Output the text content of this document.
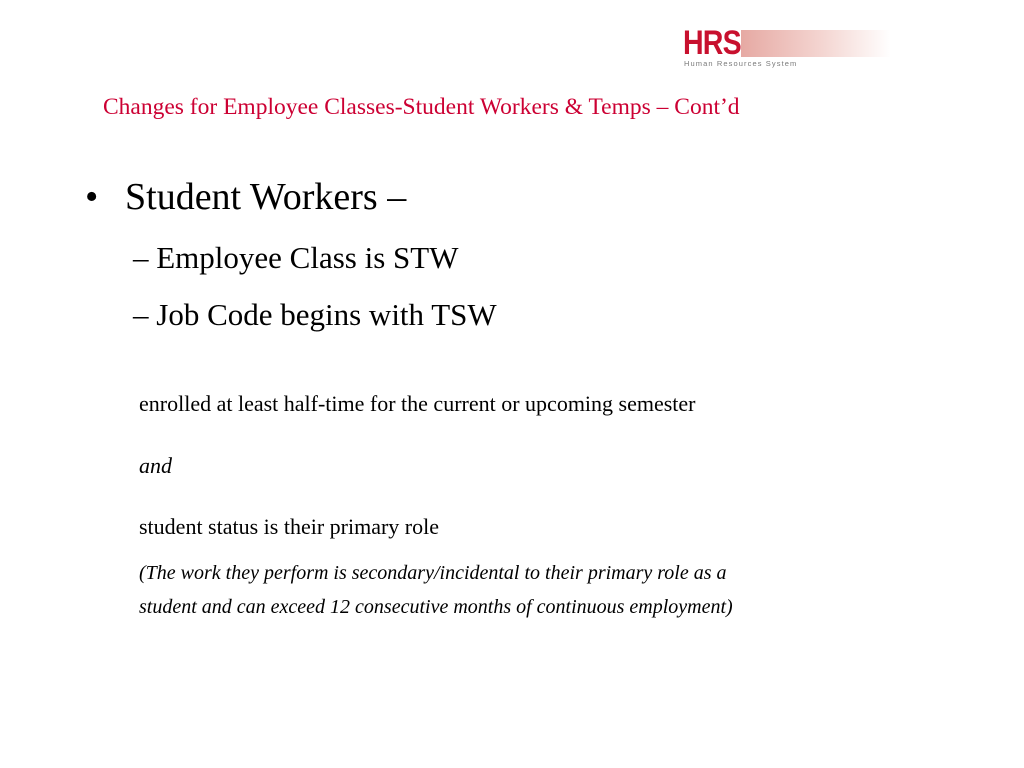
HRS
Human Resources System
Changes for Employee Classes-Student Workers & Temps – Cont’d
• Student Workers –
– Employee Class is STW
– Job Code begins with TSW
enrolled at least half-time for the current or upcoming semester
and
student status is their primary role
(The work they perform is secondary/incidental to their primary role as a
student and can exceed 12 consecutive months of continuous employment)
